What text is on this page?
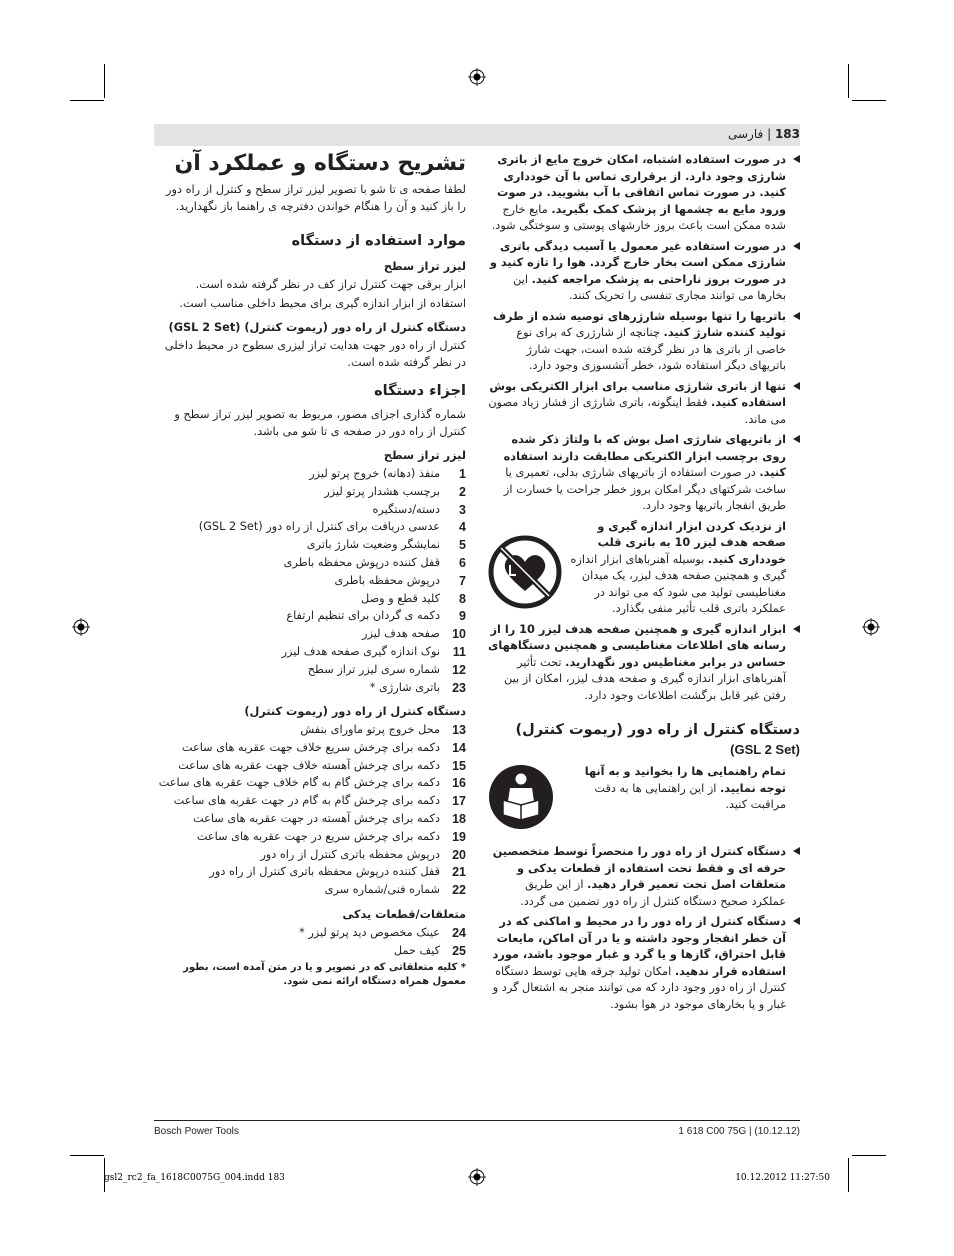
183 | فارسی
در صورت استفاده اشتباه، امکان خروج مایع از باتری شارژی وجود دارد. از برقراری تماس با آن خودداری کنید. در صورت تماس اتفاقی با آب بشویید. در صوت ورود مایع به چشمها از پزشک کمک بگیرید. مایع خارج شده ممکن است باعث بروز خارشهای پوستی و سوختگی شود.
در صورت استفاده غیر معمول یا آسیب دیدگی باتری شارژی ممکن است بخار خارج گردد. هوا را تازه کنید و در صورت بروز ناراحتی به پزشک مراجعه کنید. این بخارها می توانند مجاری تنفسی را تحریک کنند.
باتریها را تنها بوسیله شارژرهای توصیه شده از طرف تولید کننده شارژ کنید. چنانچه از شارژری که برای نوع خاصی از باتری ها در نظر گرفته شده است، جهت شارژ باتریهای دیگر استفاده شود، خطر آتشسوزی وجود دارد.
تنها از باتری شارژی مناسب برای ابزار الکتریکی بوش استفاده کنید. فقط اینگونه، باتری شارژی از فشار زیاد مصون می ماند.
از باتریهای شارژی اصل بوش که با ولتاژ ذکر شده روی برچسب ابزار الکتریکی مطابقت دارند استفاده کنید. در صورت استفاده از باتریهای شارژی بدلی، تعمیری یا ساخت شرکتهای دیگر امکان بروز خطر جراحت یا خسارت از طریق انفجار باتریها وجود دارد.
از نزدیک کردن ابزار اندازه گیری و صفحه هدف لیزر 10 به باتری قلب خودداری کنید. بوسیله آهنرباهای ابزار اندازه گیری و همچنین صفحه هدف لیزر، یک میدان مغناطیسی تولید می شود که می تواند در عملکرد باتری قلب تأثیر منفی بگذارد.
ابزار اندازه گیری و همچنین صفحه هدف لیزر 10 را از رسانه های اطلاعات مغناطیسی و همچنین دستگاههای حساس در برابر مغناطیس دور نگهدارید. تحت تأثیر آهنرباهای ابزار اندازه گیری و صفحه هدف لیزر، امکان از بین رفتن غیر قابل برگشت اطلاعات وجود دارد.
دستگاه کنترل از راه دور (ریموت کنترل)
(GSL 2 Set)
تمام راهنمایی ها را بخوانید و به آنها توجه نمایید. از این راهنمایی ها به دقت مراقبت کنید.
دستگاه کنترل از راه دور را منحصراً توسط متخصصین حرفه ای و فقط تحت استفاده از قطعات یدکی و متعلقات اصل تحت تعمیر قرار دهید. از این طریق عملکرد صحیح دستگاه کنترل از راه دور تضمین می گردد.
دستگاه کنترل از راه دور را در محیط و اماکنی که در آن خطر انفجار وجود داشته و یا در آن اماکن، مایعات قابل احتراق، گازها و یا گرد و غبار موجود باشد، مورد استفاده قرار ندهید. امکان تولید جرقه هایی توسط دستگاه کنترل از راه دور وجود دارد که می توانند منجر به اشتعال گرد و غبار و یا بخارهای موجود در هوا بشود.
تشریح دستگاه و عملکرد آن
لطفا صفحه ی تا شو با تصویر لیزر تراز سطح و کنترل از راه دور را باز کنید و آن را هنگام خواندن دفترچه ی راهنما باز نگهدارید.
موارد استفاده از دستگاه
لیزر تراز سطح
ابزار برقی جهت کنترل تراز کف در نظر گرفته شده است.
استفاده از ابزار اندازه گیری برای محیط داخلی مناسب است.
دستگاه کنترل از راه دور (ریموت کنترل) (GSL 2 Set)
کنترل از راه دور جهت هدایت تراز لیزری سطوح در محیط داخلی در نظر گرفته شده است.
اجزاء دستگاه
شماره گذاری اجزای مصور، مربوط به تصویر لیزر تراز سطح و کنترل از راه دور در صفحه ی تا شو می باشد.
لیزر تراز سطح
1
منفذ (دهانه) خروج پرتو لیزر
2
برچسب هشدار پرتو لیزر
3
دسته/دستگیره
4
عدسی دریافت برای کنترل از راه دور (GSL 2 Set)
5
نمایشگر وضعیت شارژ باتری
6
قفل کننده درپوش محفظه باطری
7
درپوش محفظه باطری
8
کلید قطع و وصل
9
دکمه ی گردان برای تنظیم ارتفاع
10
صفحه هدف لیزر
11
نوک اندازه گیری صفحه هدف لیزر
12
شماره سری لیزر تراز سطح
23
باتری شارژی *
دستگاه کنترل از راه دور (ریموت کنترل)
13
محل خروج پرتو ماورای بنفش
14
دکمه برای چرخش سریع خلاف جهت عقربه های ساعت
15
دکمه برای چرخش آهسته خلاف جهت عقربه های ساعت
16
دکمه برای چرخش گام به گام خلاف جهت عقربه های ساعت
17
دکمه برای چرخش گام به گام در جهت عقربه های ساعت
18
دکمه برای چرخش آهسته در جهت عقربه های ساعت
19
دکمه برای چرخش سریع در جهت عقربه های ساعت
20
درپوش محفظه باتری کنترل از راه دور
21
قفل کننده درپوش محفظه باتری کنترل از راه دور
22
شماره فنی/شماره سری
متعلقات/قطعات یدکی
24
عینک مخصوص دید پرتو لیزر *
25
کیف حمل
* کلیه متعلقاتی که در تصویر و یا در متن آمده است، بطور معمول همراه دستگاه ارائه نمی شود.
Bosch Power Tools	1 618 C00 75G | (10.12.12)
gsl2_rc2_fa_1618C0075G_004.indd 183	10.12.2012 11:27:50
